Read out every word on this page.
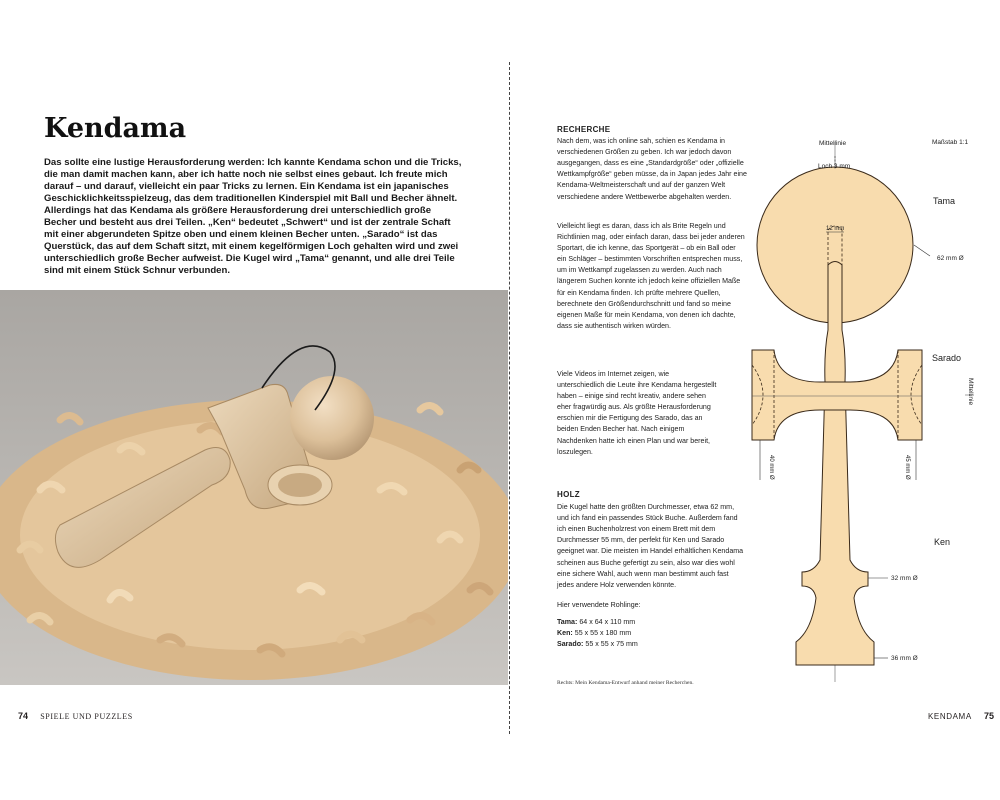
Kendama

Das sollte eine lustige Herausforderung werden: Ich kannte Kendama schon und die Tricks, die man damit machen kann, aber ich hatte noch nie selbst eines gebaut. Ich freute mich darauf – und darauf, vielleicht ein paar Tricks zu lernen. Ein Kendama ist ein japanisches Geschicklichkeitsspielzeug, das dem traditionellen Kinderspiel mit Ball und Becher ähnelt. Allerdings hat das Kendama als größere Herausforderung drei unterschiedlich große Becher und besteht aus drei Teilen. „Ken“ bedeutet „Schwert“ und ist der zentrale Schaft mit einer abgerundeten Spitze oben und einem kleinen Becher unten. „Sarado“ ist das Querstück, das auf dem Schaft sitzt, mit einem kegelförmigen Loch gehalten wird und zwei unterschiedlich große Becher aufweist. Die Kugel wird „Tama“ genannt, und alle drei Teile sind mit einem Stück Schnur verbunden.

74 SPIELE UND PUZZLES
RECHERCHE

Nach dem, was ich online sah, schien es Kendama in verschiedenen Größen zu geben. Ich war jedoch davon ausgegangen, dass es eine „Standardgröße“ oder „offizielle Wettkampfgröße“ geben müsse, da in Japan jedes Jahr eine Kendama-Weltmeisterschaft und auf der ganzen Welt verschiedene andere Wettbewerbe abgehalten werden.

Vielleicht liegt es daran, dass ich als Brite Regeln und Richtlinien mag, oder einfach daran, dass bei jeder anderen Sportart, die ich kenne, das Sportgerät – ob ein Ball oder ein Schläger – bestimmten Vorschriften entsprechen muss, um im Wettkampf zugelassen zu werden. Auch nach längerem Suchen konnte ich jedoch keine offiziellen Maße für ein Kendama finden. Ich prüfte mehrere Quellen, berechnete den Größendurchschnitt und fand so meine eigenen Maße für mein Kendama, von denen ich dachte, dass sie authentisch wirken würden.

Viele Videos im Internet zeigen, wie unterschiedlich die Leute ihre Kendama hergestellt haben – einige sind recht kreativ, andere sehen eher fragwürdig aus. Als größte Herausforderung erschien mir die Fertigung des Sarado, das an beiden Enden Becher hat. Nach einigem Nachdenken hatte ich einen Plan und war bereit, loszulegen.

HOLZ

Die Kugel hatte den größten Durchmesser, etwa 62 mm, und ich fand ein passendes Stück Buche. Außerdem fand ich einen Buchenholzrest von einem Brett mit dem Durchmesser 55 mm, der perfekt für Ken und Sarado geeignet war. Die meisten im Handel erhältlichen Kendama scheinen aus Buche gefertigt zu sein, also war dies wohl eine sichere Wahl, auch wenn man bestimmt auch fast jedes andere Holz verwenden könnte.

Hier verwendete Rohlinge:

Tama: 64 x 64 x 110 mm

Ken: 55 x 55 x 180 mm

Sarado: 55 x 55 x 75 mm

Rechts: Mein Kendama-Entwurf anhand meiner Recherchen.
Mittellinie	Maßstab 1:1
Loch 3 mm
Tama
12 mm
62 mm Ø
Sarado
Mittellinie
40 mm Ø	45 mm Ø
Ken
32 mm Ø
36 mm Ø
KENDAMA 75
